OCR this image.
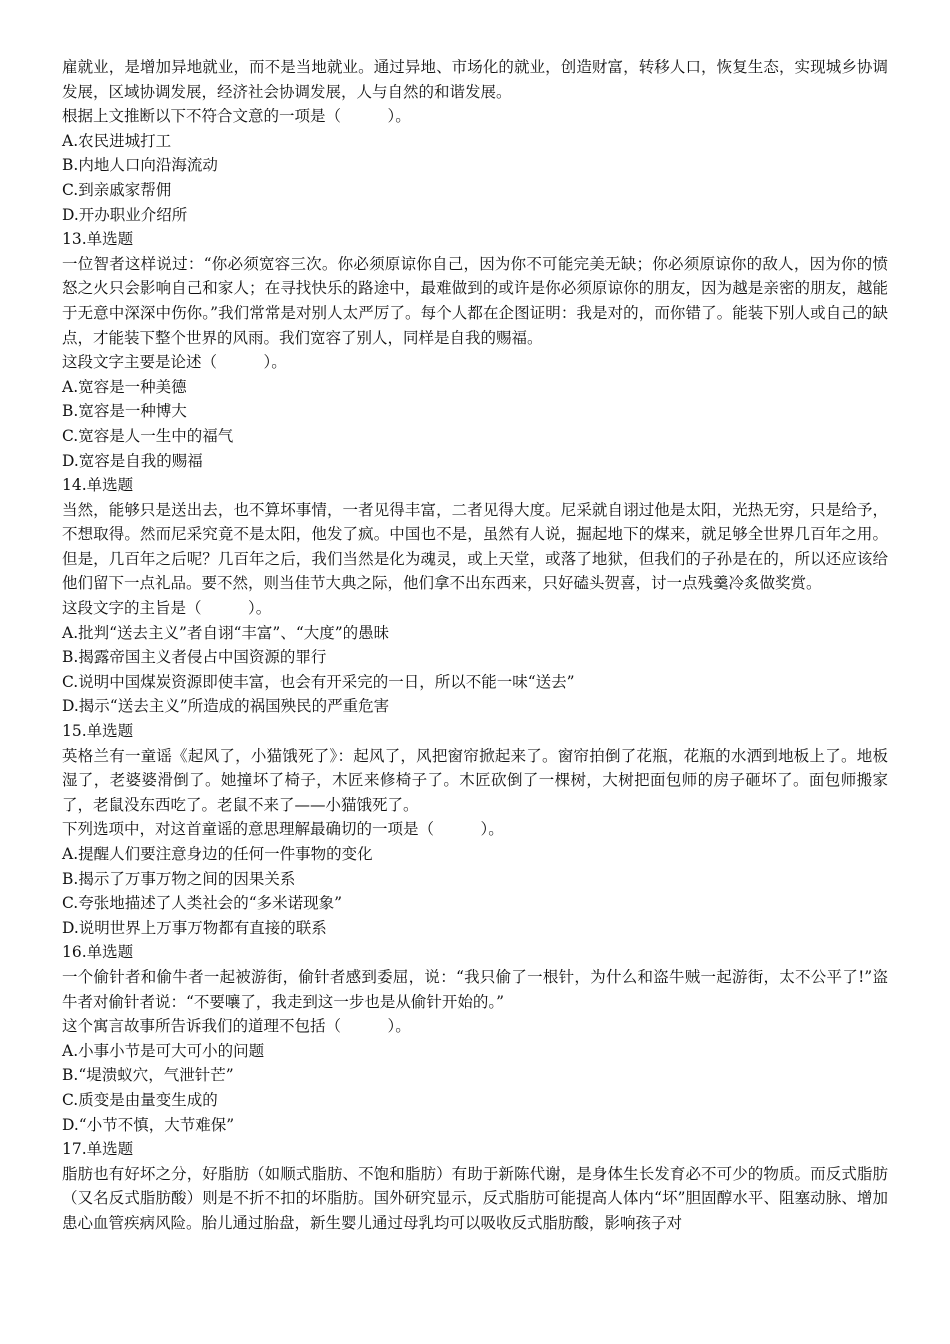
雇就业，是增加异地就业，而不是当地就业。通过异地、市场化的就业，创造财富，转移人口，恢复生态，实现城乡协调发展，区域协调发展，经济社会协调发展，人与自然的和谐发展。

根据上文推断以下不符合文意的一项是（　　　）。

A.农民进城打工

B.内地人口向沿海流动

C.到亲戚家帮佣

D.开办职业介绍所

13.单选题

一位智者这样说过：“你必须宽容三次。你必须原谅你自己，因为你不可能完美无缺；你必须原谅你的敌人，因为你的愤怒之火只会影响自己和家人；在寻找快乐的路途中，最难做到的或许是你必须原谅你的朋友，因为越是亲密的朋友，越能于无意中深深中伤你。”我们常常是对别人太严厉了。每个人都在企图证明：我是对的，而你错了。能装下别人或自己的缺点，才能装下整个世界的风雨。我们宽容了别人，同样是自我的赐福。

这段文字主要是论述（　　　）。

A.宽容是一种美德

B.宽容是一种博大

C.宽容是人一生中的福气

D.宽容是自我的赐福

14.单选题

当然，能够只是送出去，也不算坏事情，一者见得丰富，二者见得大度。尼采就自诩过他是太阳，光热无穷，只是给予，不想取得。然而尼采究竟不是太阳，他发了疯。中国也不是，虽然有人说，掘起地下的煤来，就足够全世界几百年之用。但是，几百年之后呢？几百年之后，我们当然是化为魂灵，或上天堂，或落了地狱，但我们的子孙是在的，所以还应该给他们留下一点礼品。要不然，则当佳节大典之际，他们拿不出东西来，只好磕头贺喜，讨一点残羹冷炙做奖赏。

这段文字的主旨是（　　　）。

A.批判“送去主义”者自诩“丰富”、“大度”的愚昧

B.揭露帝国主义者侵占中国资源的罪行

C.说明中国煤炭资源即使丰富，也会有开采完的一日，所以不能一味“送去”

D.揭示“送去主义”所造成的祸国殃民的严重危害

15.单选题

英格兰有一童谣《起风了，小猫饿死了》：起风了，风把窗帘掀起来了。窗帘拍倒了花瓶，花瓶的水洒到地板上了。地板湿了，老婆婆滑倒了。她撞坏了椅子，木匠来修椅子了。木匠砍倒了一棵树，大树把面包师的房子砸坏了。面包师搬家了，老鼠没东西吃了。老鼠不来了——小猫饿死了。

下列选项中，对这首童谣的意思理解最确切的一项是（　　　）。

A.提醒人们要注意身边的任何一件事物的变化

B.揭示了万事万物之间的因果关系

C.夸张地描述了人类社会的“多米诺现象”

D.说明世界上万事万物都有直接的联系

16.单选题

一个偷针者和偷牛者一起被游街，偷针者感到委屈，说：“我只偷了一根针，为什么和盗牛贼一起游街，太不公平了!”盗牛者对偷针者说：“不要嚷了，我走到这一步也是从偷针开始的。”

这个寓言故事所告诉我们的道理不包括（　　　）。

A.小事小节是可大可小的问题

B.“堤溃蚁穴，气泄针芒”

C.质变是由量变生成的

D.“小节不慎，大节难保”

17.单选题

脂肪也有好坏之分，好脂肪（如顺式脂肪、不饱和脂肪）有助于新陈代谢，是身体生长发育必不可少的物质。而反式脂肪（又名反式脂肪酸）则是不折不扣的坏脂肪。国外研究显示，反式脂肪可能提高人体内“坏”胆固醇水平、阻塞动脉、增加患心血管疾病风险。胎儿通过胎盘，新生婴儿通过母乳均可以吸收反式脂肪酸，影响孩子对
